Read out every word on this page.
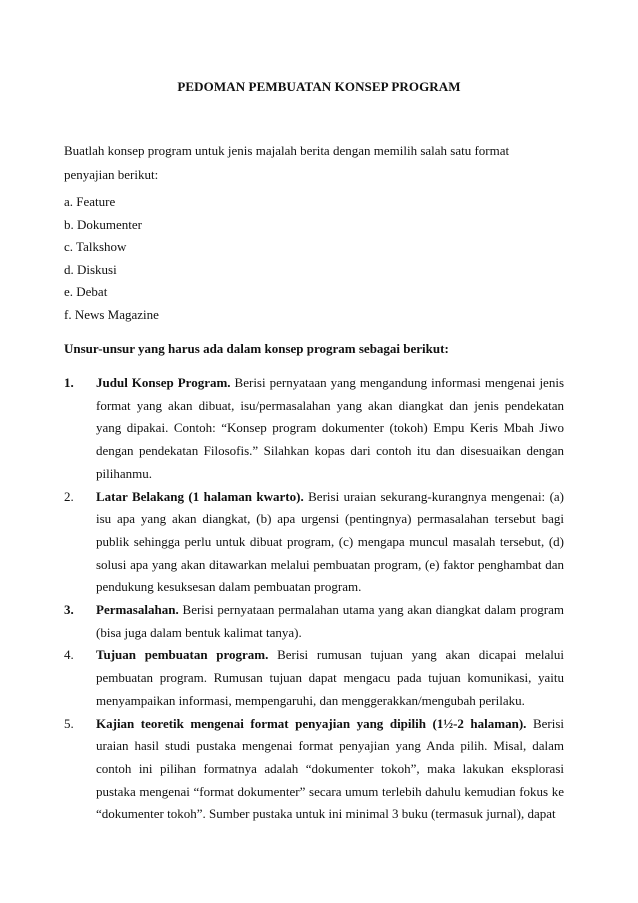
PEDOMAN PEMBUATAN KONSEP PROGRAM
Buatlah konsep program untuk jenis majalah berita dengan memilih salah satu format penyajian berikut:
a. Feature
b. Dokumenter
c. Talkshow
d. Diskusi
e. Debat
f. News Magazine
Unsur-unsur yang harus ada dalam konsep program sebagai berikut:
1. Judul Konsep Program. Berisi pernyataan yang mengandung informasi mengenai jenis format yang akan dibuat, isu/permasalahan yang akan diangkat dan jenis pendekatan yang dipakai. Contoh: “Konsep program dokumenter (tokoh) Empu Keris Mbah Jiwo dengan pendekatan Filosofis.” Silahkan kopas dari contoh itu dan disesuaikan dengan pilihanmu.
2. Latar Belakang (1 halaman kwarto). Berisi uraian sekurang-kurangnya mengenai: (a) isu apa yang akan diangkat, (b) apa urgensi (pentingnya) permasalahan tersebut bagi publik sehingga perlu untuk dibuat program, (c) mengapa muncul masalah tersebut, (d) solusi apa yang akan ditawarkan melalui pembuatan program, (e) faktor penghambat dan pendukung kesuksesan dalam pembuatan program.
3. Permasalahan. Berisi pernyataan permalahan utama yang akan diangkat dalam program (bisa juga dalam bentuk kalimat tanya).
4. Tujuan pembuatan program. Berisi rumusan tujuan yang akan dicapai melalui pembuatan program. Rumusan tujuan dapat mengacu pada tujuan komunikasi, yaitu menyampaikan informasi, mempengaruhi, dan menggerakkan/mengubah perilaku.
5. Kajian teoretik mengenai format penyajian yang dipilih (1½-2 halaman). Berisi uraian hasil studi pustaka mengenai format penyajian yang Anda pilih. Misal, dalam contoh ini pilihan formatnya adalah “dokumenter tokoh”, maka lakukan eksplorasi pustaka mengenai “format dokumenter” secara umum terlebih dahulu kemudian fokus ke “dokumenter tokoh”. Sumber pustaka untuk ini minimal 3 buku (termasuk jurnal), dapat
